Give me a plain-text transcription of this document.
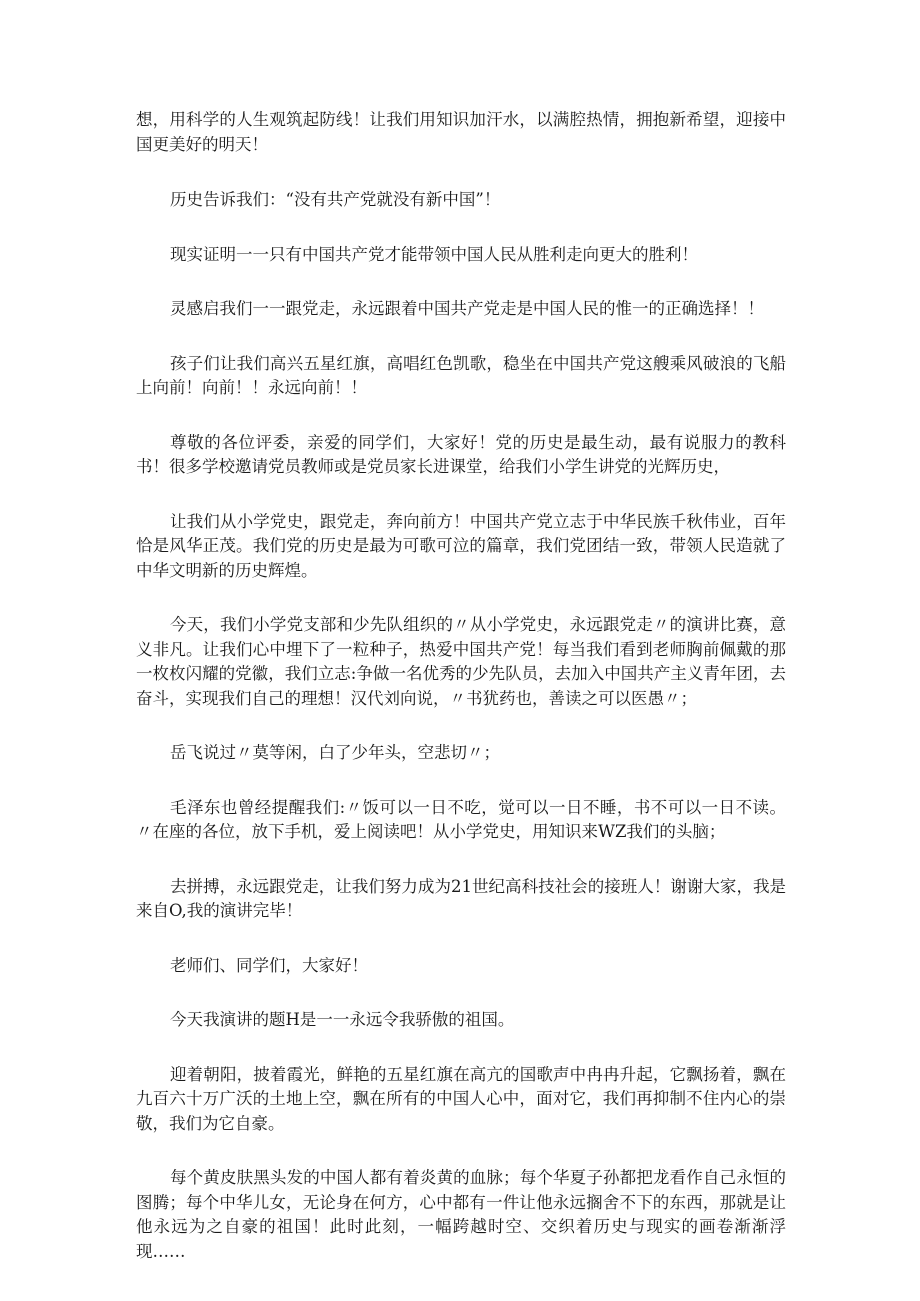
想，用科学的人生观筑起防线！让我们用知识加汗水，以满腔热情，拥抱新希望，迎接中国更美好的明天！

历史告诉我们：“没有共产党就没有新中国”！

现实证明一一只有中国共产党才能带领中国人民从胜利走向更大的胜利！

灵感启我们一一跟党走，永远跟着中国共产党走是中国人民的惟一的正确选择！！

孩子们让我们高兴五星红旗，高唱红色凯歌，稳坐在中国共产党这艘乘风破浪的飞船上向前！向前！！永远向前！！

尊敬的各位评委，亲爱的同学们，大家好！党的历史是最生动，最有说服力的教科书！很多学校邀请党员教师或是党员家长进课堂，给我们小学生讲党的光辉历史，

让我们从小学党史，跟党走，奔向前方！中国共产党立志于中华民族千秋伟业，百年恰是风华正茂。我们党的历史是最为可歌可泣的篇章，我们党团结一致，带领人民造就了中华文明新的历史辉煌。

今天，我们小学党支部和少先队组织的〃从小学党史，永远跟党走〃的演讲比赛，意义非凡。让我们心中埋下了一粒种子，热爱中国共产党！每当我们看到老师胸前佩戴的那一枚枚闪耀的党徽，我们立志:争做一名优秀的少先队员，去加入中国共产主义青年团，去奋斗，实现我们自己的理想！汉代刘向说，〃书犹药也，善读之可以医愚〃；

岳飞说过〃莫等闲，白了少年头，空悲切〃；

毛泽东也曾经提醒我们:〃饭可以一日不吃，觉可以一日不睡，书不可以一日不读。〃在座的各位，放下手机，爱上阅读吧！从小学党史，用知识来WZ我们的头脑；

去拼搏，永远跟党走，让我们努力成为21世纪高科技社会的接班人！谢谢大家，我是来自O,我的演讲完毕！

老师们、同学们，大家好！

今天我演讲的题H是一一永远令我骄傲的祖国。

迎着朝阳，披着霞光，鲜艳的五星红旗在高亢的国歌声中冉冉升起，它飘扬着，飘在九百六十万广沃的土地上空，飘在所有的中国人心中，面对它，我们再抑制不住内心的崇敬，我们为它自豪。

每个黄皮肤黑头发的中国人都有着炎黄的血脉；每个华夏子孙都把龙看作自己永恒的图腾；每个中华儿女，无论身在何方，心中都有一件让他永远搁舍不下的东西，那就是让他永远为之自豪的祖国！此时此刻，一幅跨越时空、交织着历史与现实的画卷渐渐浮现……
